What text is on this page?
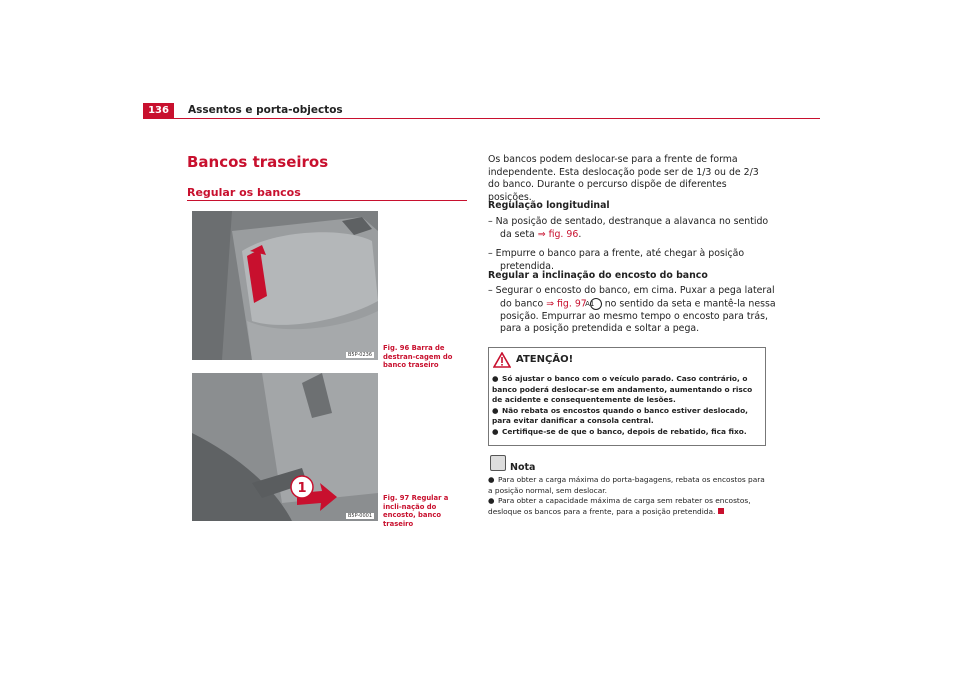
136	Assentos e porta-objectos
Bancos traseiros
Regular os bancos
B5P-0236
Fig. 96 Barra de destran-cagem do banco traseiro
1
B5P-0001
Fig. 97 Regular a incli-nação do encosto, banco traseiro
Os bancos podem deslocar-se para a frente de forma independente. Esta deslocação pode ser de 1/3 ou de 2/3 do banco. Durante o percurso dispõe de diferentes posições.
Regulação longitudinal
– Na posição de sentado, destranque a alavanca no sentido da seta ⇒ fig. 96.
– Empurre o banco para a frente, até chegar à posição pretendida.
Regular a inclinação do encosto do banco
– Segurar o encosto do banco, em cima. Puxar a pega lateral do banco ⇒ fig. 97 A1 no sentido da seta e mantê-la nessa posição. Empurrar ao mesmo tempo o encosto para trás, para a posição pretendida e soltar a pega.
ATENÇÃO!
● Só ajustar o banco com o veículo parado. Caso contrário, o banco poderá deslocar-se em andamento, aumentando o risco de acidente e consequentemente de lesões.
● Não rebata os encostos quando o banco estiver deslocado, para evitar danificar a consola central.
● Certifique-se de que o banco, depois de rebatido, fica fixo.
Nota
● Para obter a carga máxima do porta-bagagens, rebata os encostos para a posição normal, sem deslocar.
● Para obter a capacidade máxima de carga sem rebater os encostos, desloque os bancos para a frente, para a posição pretendida.
